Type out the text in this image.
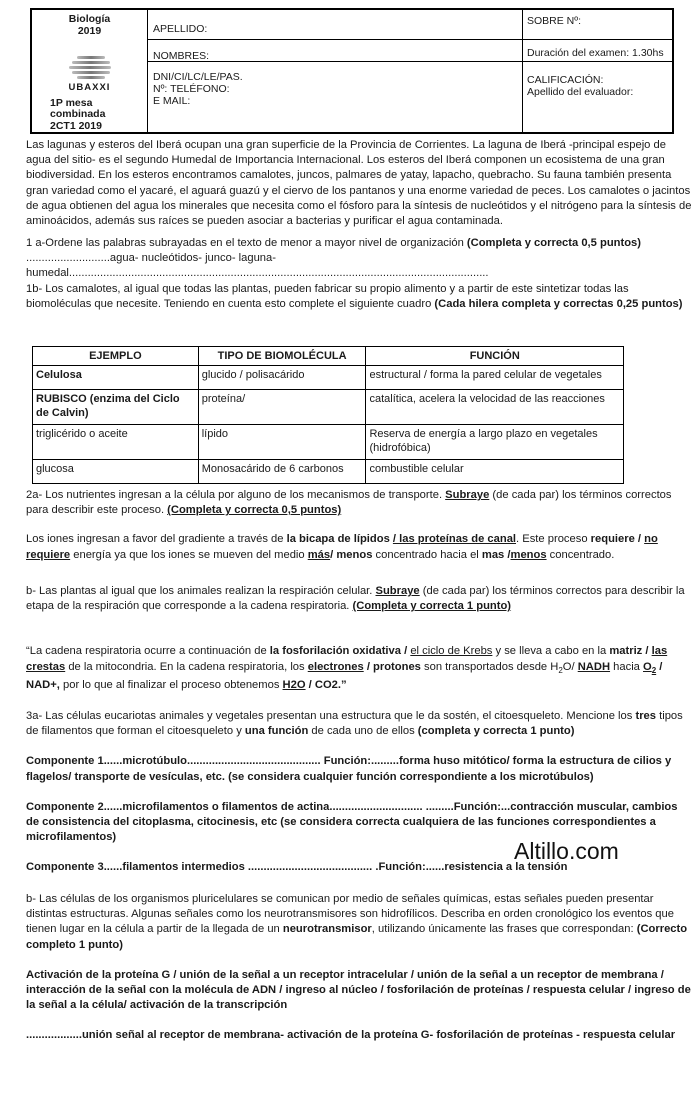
Biología
2019
UBAXXI
1P mesa combinada
2CT1 2019
APELLIDO:
NOMBRES:
DNI/CI/LC/LE/PAS.
Nº: TELÉFONO:
E MAIL:
SOBRE Nº:
Duración del examen: 1.30hs
CALIFICACIÓN:
Apellido del evaluador:

Las lagunas y esteros del Iberá ocupan una gran superficie de la Provincia de Corrientes. La laguna de Iberá -principal espejo de agua del sitio- es el segundo Humedal de Importancia Internacional. Los esteros del Iberá componen un ecosistema de una gran biodiversidad. En los esteros encontramos camalotes, juncos, palmares de yatay, lapacho, quebracho. Su fauna también presenta gran variedad como el yacaré, el aguará guazú y el ciervo de los pantanos y una enorme variedad de peces. Los camalotes o jacintos de agua obtienen del agua los minerales que necesita como el fósforo para la síntesis de nucleótidos y el nitrógeno para la síntesis de aminoácidos, además sus raíces se pueden asociar a bacterias y purificar el agua contaminada.

1 a-Ordene las palabras subrayadas en el texto de menor a mayor nivel de organización (Completa y correcta 0,5 puntos)

...........................agua- nucleótidos- junco- laguna-

humedal.......................................................................................................................................

1b- Los camalotes, al igual que todas las plantas, pueden fabricar su propio alimento y a partir de este sintetizar todas las biomoléculas que necesite. Teniendo en cuenta esto complete el siguiente cuadro (Cada hilera completa y correctas 0,25 puntos)

EJEMPLO	TIPO DE BIOMOLÉCULA	FUNCIÓN
Celulosa	glucido / polisacárido	estructural / forma la pared celular de vegetales
RUBISCO (enzima del Ciclo de Calvin)	proteína/	catalítica, acelera la velocidad de las reacciones
triglicérido o aceite	lípido	Reserva de energía a largo plazo en vegetales (hidrofóbica)
glucosa	Monosacárido de 6 carbonos	combustible celular

2a- Los nutrientes ingresan a la célula por alguno de los mecanismos de transporte. Subraye (de cada par) los términos correctos para describir este proceso. (Completa y correcta 0,5 puntos)

Los iones ingresan a favor del gradiente a través de la bicapa de lípidos / las proteínas de canal. Este proceso requiere / no requiere energía ya que los iones se mueven del medio más/ menos concentrado hacia el mas /menos concentrado.

b- Las plantas al igual que los animales realizan la respiración celular. Subraye (de cada par) los términos correctos para describir la etapa de la respiración que corresponde a la cadena respiratoria. (Completa y correcta 1 punto)

“La cadena respiratoria ocurre a continuación de la fosforilación oxidativa / el ciclo de Krebs y se lleva a cabo en la matriz / las crestas de la mitocondria. En la cadena respiratoria, los electrones / protones son transportados desde $H_2O/$ NADH hacia $O_2 / NAD+$, por lo que al finalizar el proceso obtenemos H2O / CO2.”

3a- Las células eucariotas animales y vegetales presentan una estructura que le da sostén, el citoesqueleto. Mencione los tres tipos de filamentos que forman el citoesqueleto y una función de cada uno de ellos (completa y correcta 1 punto)

Componente 1......microtúbulo........................................... Función:.........forma huso mitótico/ forma la estructura de cilios y flagelos/ transporte de vesículas, etc. (se considera cualquier función correspondiente a los microtúbulos)

Componente 2......microfilamentos o filamentos de actina.............................. .........Función:...contracción muscular, cambios de consistencia del citoplasma, citocinesis, etc (se considera correcta cualquiera de las funciones correspondientes a microfilamentos)

Componente 3......filamentos intermedios ........................................ .Función:......resistencia a la tensión

Altillo.com

b- Las células de los organismos pluricelulares se comunican por medio de señales químicas, estas señales pueden presentar distintas estructuras. Algunas señales como los neurotransmisores son hidrofílicos. Describa en orden cronológico los eventos que tienen lugar en la célula a partir de la llegada de un neurotransmisor, utilizando únicamente las frases que correspondan: (Correcto completo 1 punto)

Activación de la proteína G / unión de la señal a un receptor intracelular / unión de la señal a un receptor de membrana / interacción de la señal con la molécula de ADN / ingreso al núcleo / fosforilación de proteínas / respuesta celular / ingreso de la señal a la célula/ activación de la transcripción

..................unión señal al receptor de membrana- activación de la proteína G- fosforilación de proteínas - respuesta celular
